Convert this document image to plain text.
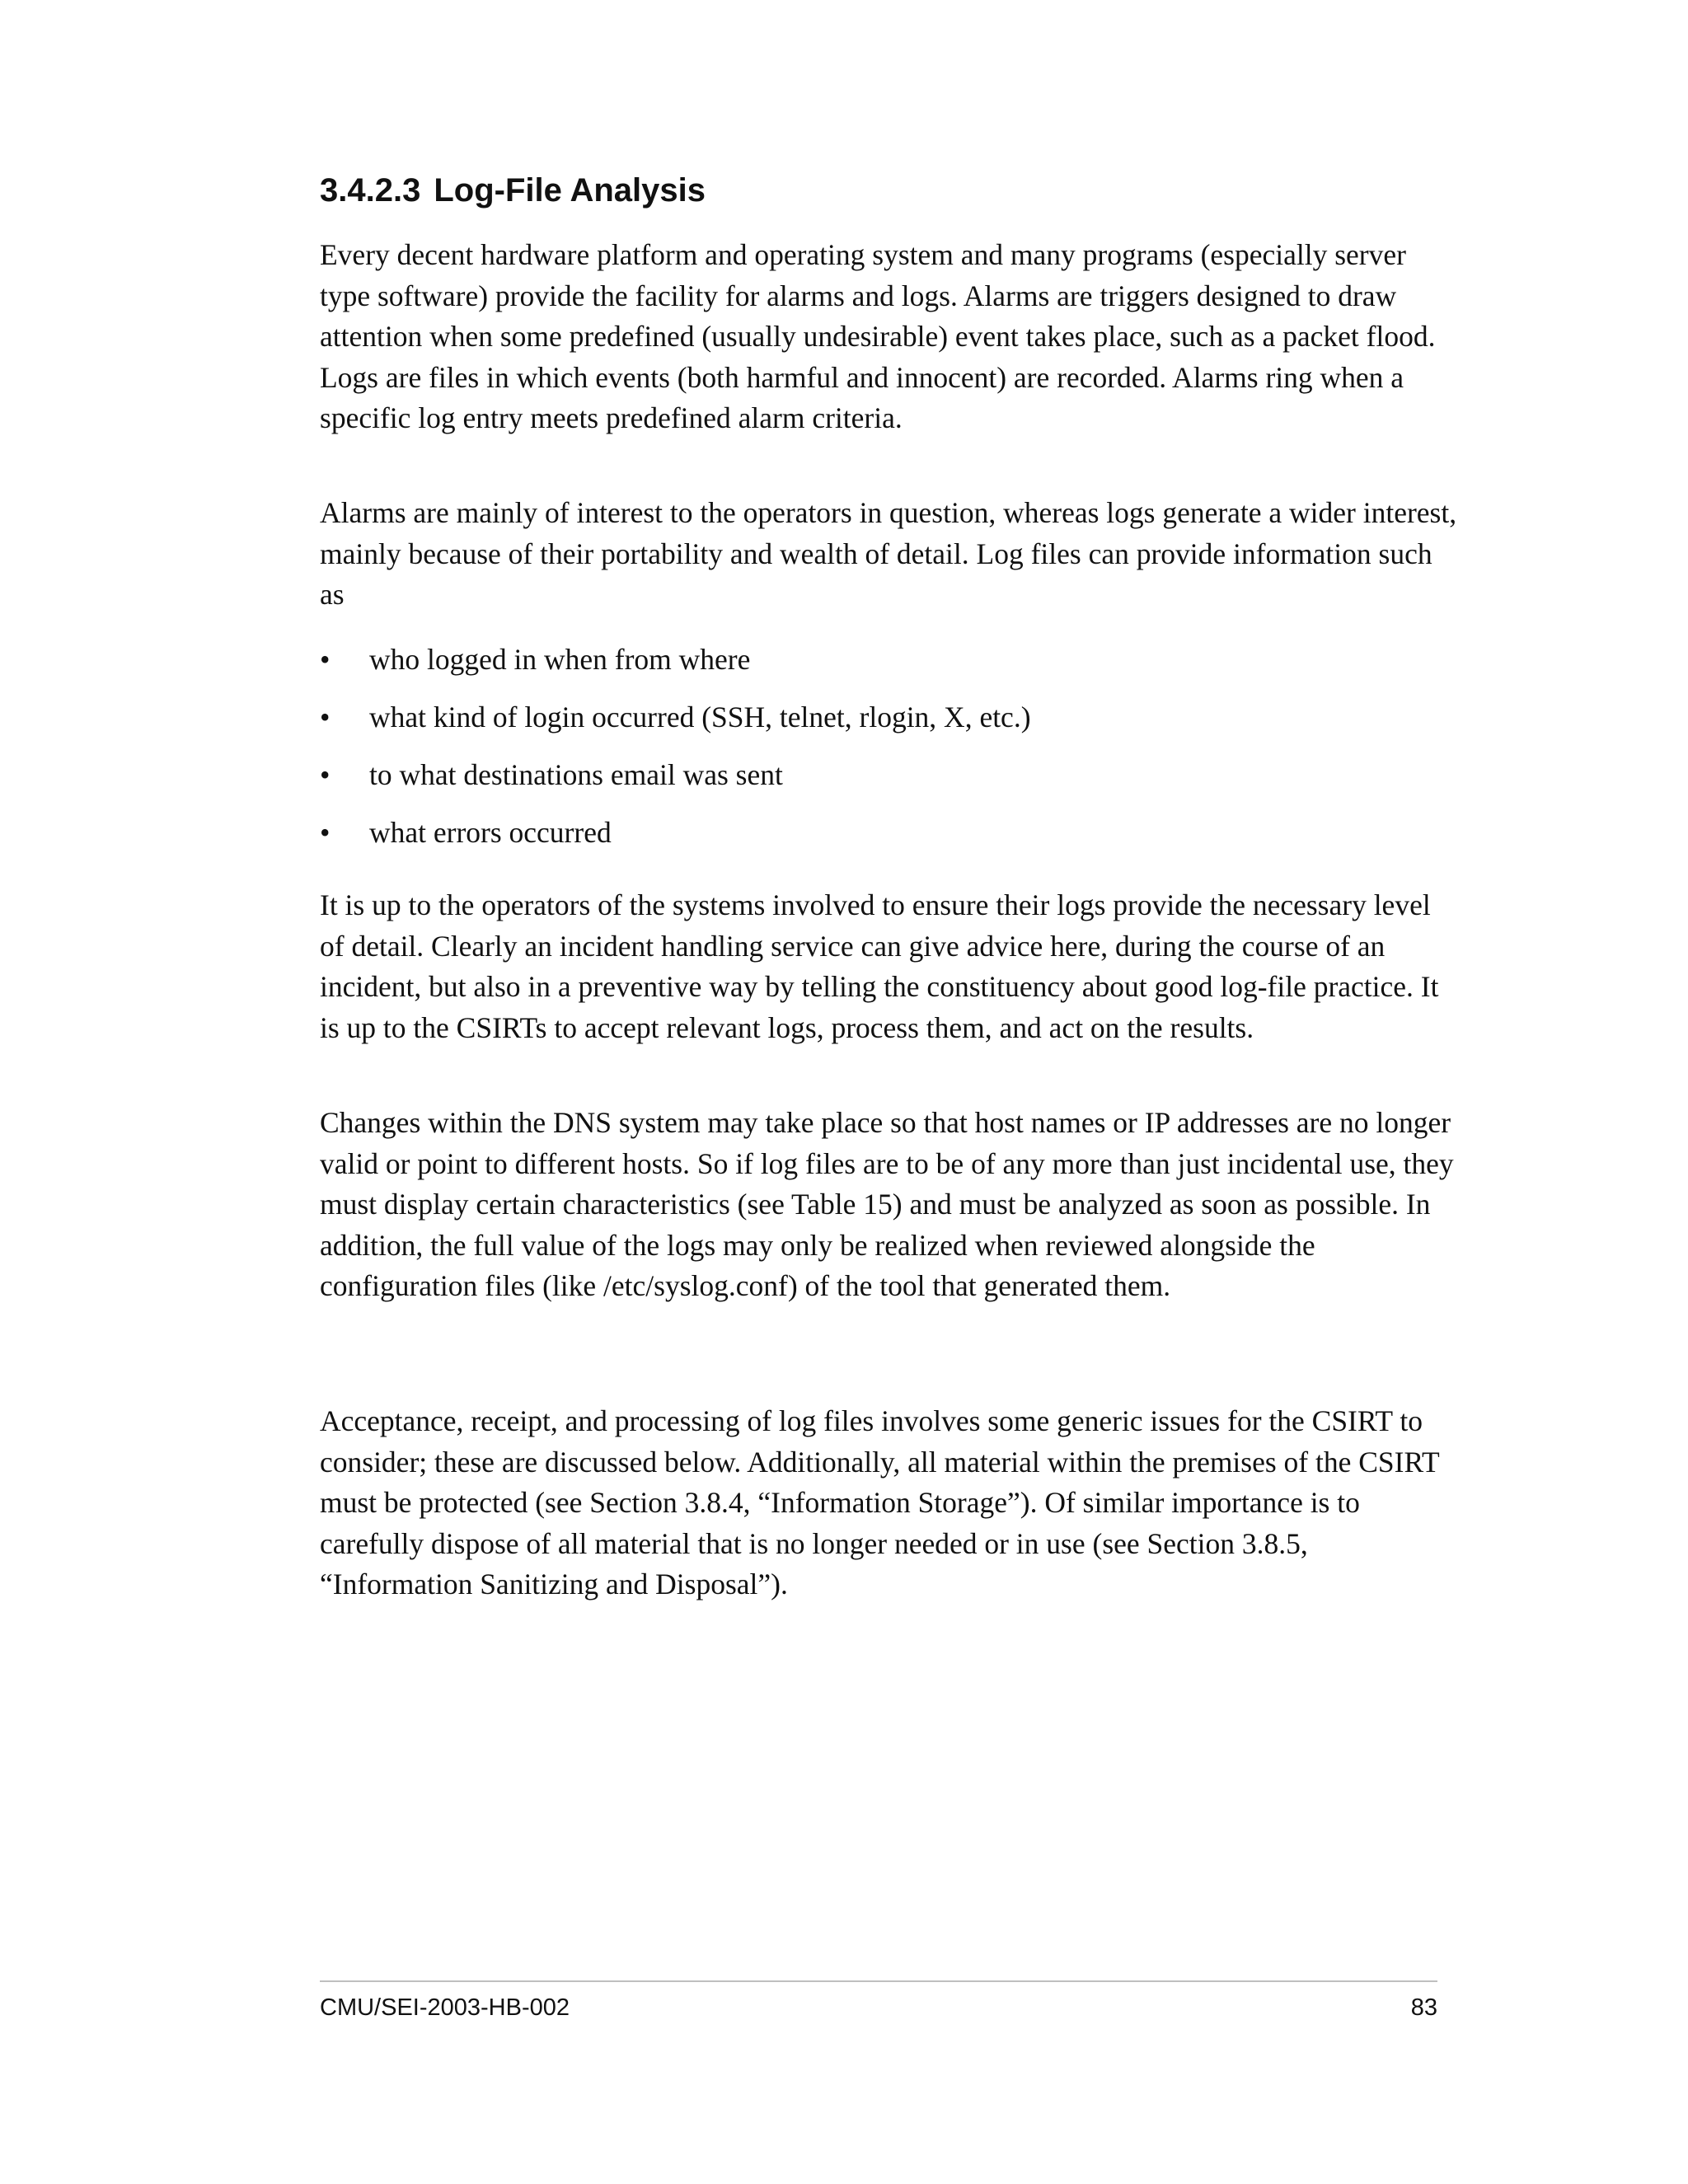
3.4.2.3 Log-File Analysis

Every decent hardware platform and operating system and many programs (especially server type software) provide the facility for alarms and logs. Alarms are triggers designed to draw attention when some predefined (usually undesirable) event takes place, such as a packet flood. Logs are files in which events (both harmful and innocent) are recorded. Alarms ring when a specific log entry meets predefined alarm criteria.

Alarms are mainly of interest to the operators in question, whereas logs generate a wider interest, mainly because of their portability and wealth of detail. Log files can provide information such as

•	who logged in when from where
•	what kind of login occurred (SSH, telnet, rlogin, X, etc.)
•	to what destinations email was sent
•	what errors occurred

It is up to the operators of the systems involved to ensure their logs provide the necessary level of detail. Clearly an incident handling service can give advice here, during the course of an incident, but also in a preventive way by telling the constituency about good log-file practice. It is up to the CSIRTs to accept relevant logs, process them, and act on the results.

Changes within the DNS system may take place so that host names or IP addresses are no longer valid or point to different hosts. So if log files are to be of any more than just incidental use, they must display certain characteristics (see Table 15) and must be analyzed as soon as possible. In addition, the full value of the logs may only be realized when reviewed alongside the configuration files (like /etc/syslog.conf) of the tool that generated them.

Acceptance, receipt, and processing of log files involves some generic issues for the CSIRT to consider; these are discussed below. Additionally, all material within the premises of the CSIRT must be protected (see Section 3.8.4, “Information Storage”). Of similar importance is to carefully dispose of all material that is no longer needed or in use (see Section 3.8.5, “Information Sanitizing and Disposal”).

CMU/SEI-2003-HB-002	83
